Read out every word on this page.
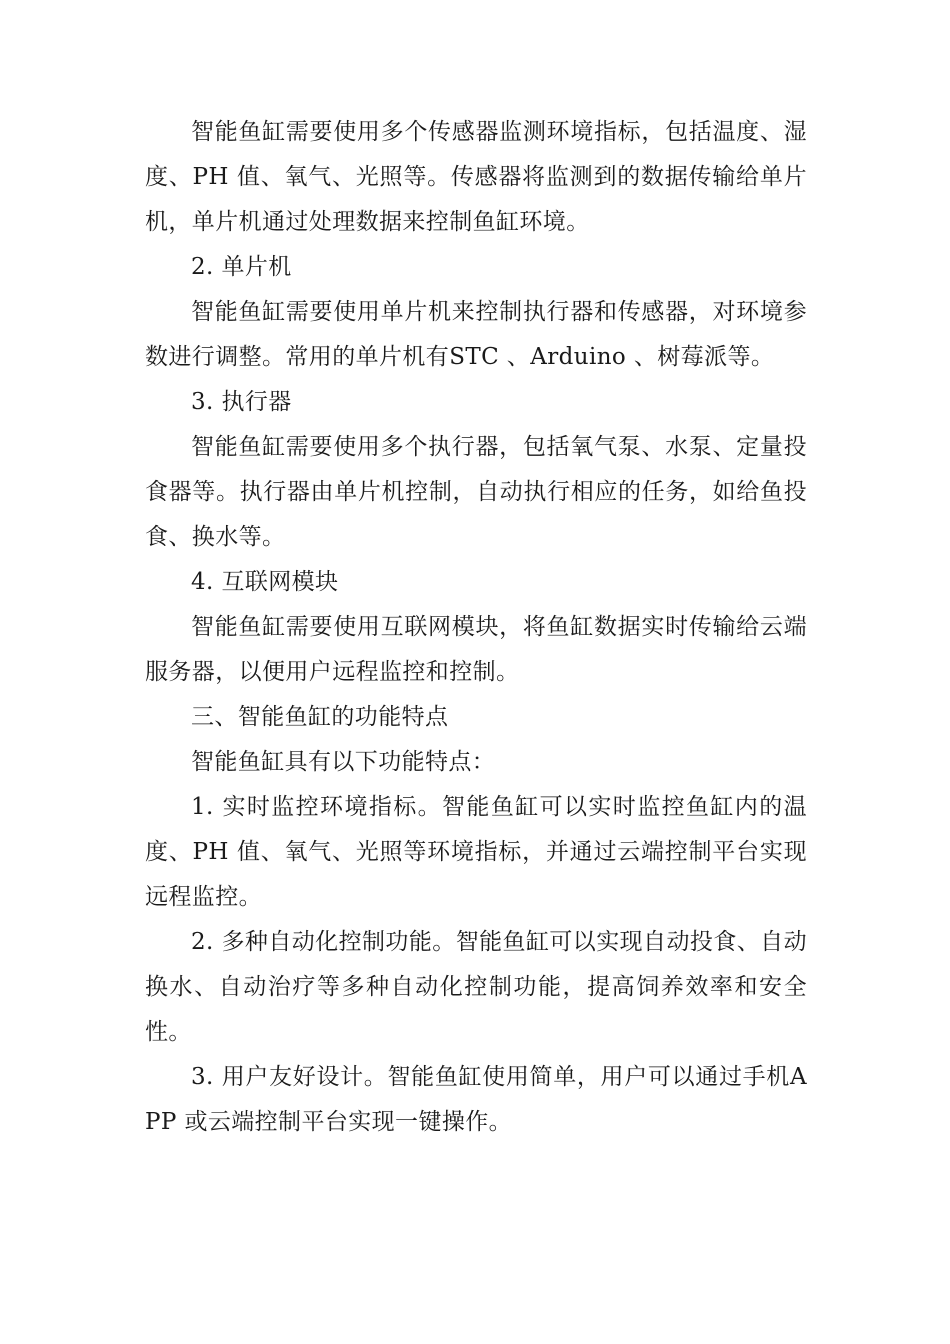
智能鱼缸需要使用多个传感器监测环境指标，包括温度、湿度、PH 值、氧气、光照等。传感器将监测到的数据传输给单片机，单片机通过处理数据来控制鱼缸环境。

2. 单片机

智能鱼缸需要使用单片机来控制执行器和传感器，对环境参数进行调整。常用的单片机有STC 、Arduino 、树莓派等。

3. 执行器

智能鱼缸需要使用多个执行器，包括氧气泵、水泵、定量投食器等。执行器由单片机控制，自动执行相应的任务，如给鱼投食、换水等。

4. 互联网模块

智能鱼缸需要使用互联网模块，将鱼缸数据实时传输给云端服务器，以便用户远程监控和控制。

三、智能鱼缸的功能特点

智能鱼缸具有以下功能特点：

1. 实时监控环境指标。智能鱼缸可以实时监控鱼缸内的温度、PH 值、氧气、光照等环境指标，并通过云端控制平台实现远程监控。

2. 多种自动化控制功能。智能鱼缸可以实现自动投食、自动换水、自动治疗等多种自动化控制功能，提高饲养效率和安全性。

3. 用户友好设计。智能鱼缸使用简单，用户可以通过手机APP 或云端控制平台实现一键操作。
